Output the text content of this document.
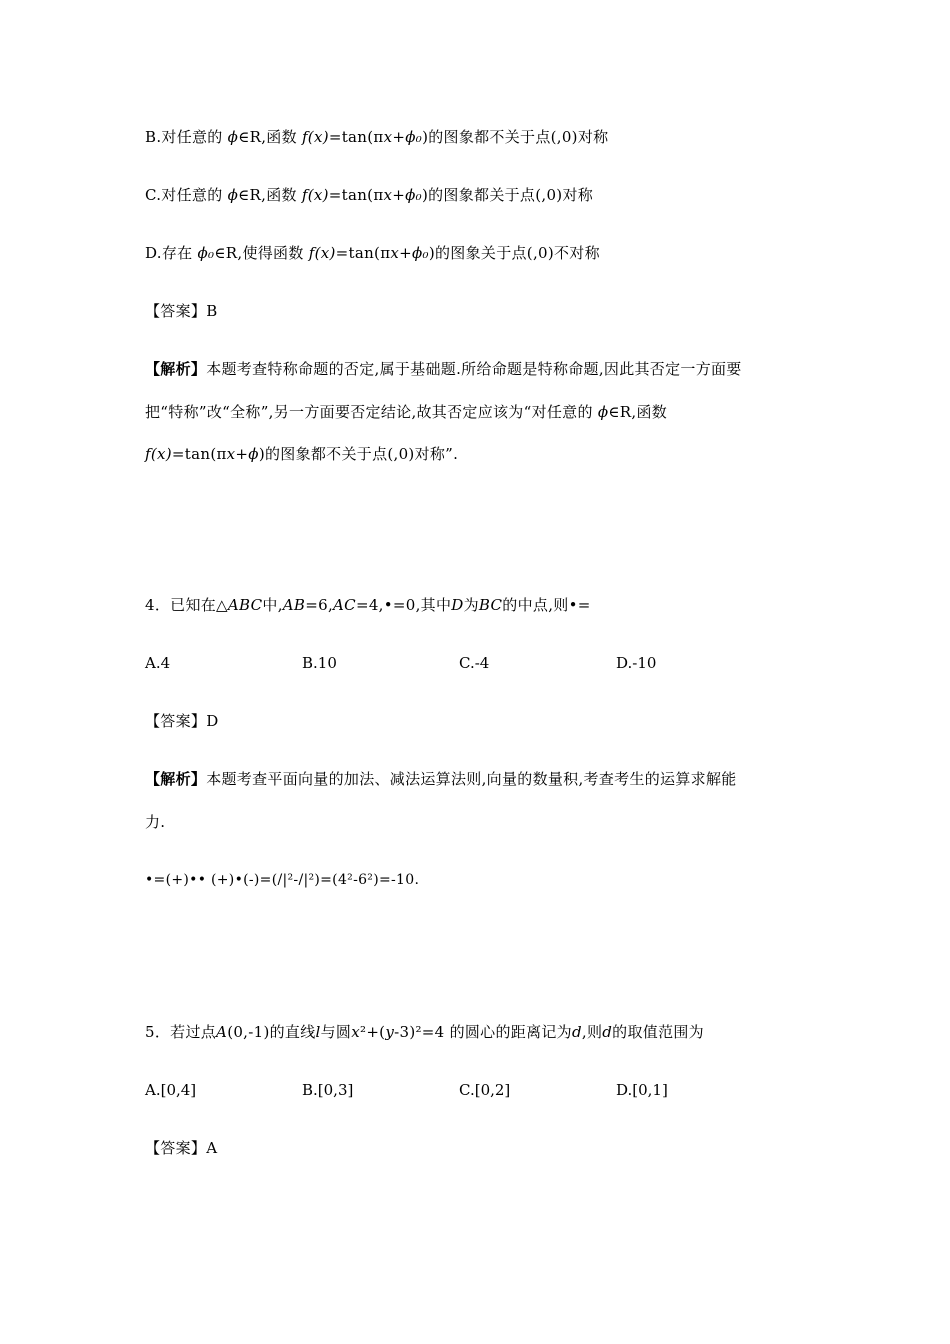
B.对任意的 ϕ∈R,函数 f(x)=tan(πx+ϕ₀)的图象都不关于点(,0)对称
C.对任意的 ϕ∈R,函数 f(x)=tan(πx+ϕ₀)的图象都关于点(,0)对称
D.存在 ϕ₀∈R,使得函数 f(x)=tan(πx+ϕ₀)的图象关于点(,0)不对称
【答案】B
【解析】本题考查特称命题的否定,属于基础题.所给命题是特称命题,因此其否定一方面要
把“特称”改“全称”,另一方面要否定结论,故其否定应该为“对任意的 ϕ∈R,函数
f(x)=tan(πx+ϕ)的图象都不关于点(,0)对称”.
4．已知在△ABC中,AB=6,AC=4,•=0,其中D为BC的中点,则•=
A.4	B.10	C.-4	D.-10
【答案】D
【解析】本题考查平面向量的加法、减法运算法则,向量的数量积,考查考生的运算求解能
力.
•=(+)•• (+)•(-)=(/|²-/|²)=(4²-6²)=-10.
5．若过点A(0,-1)的直线l与圆x²+(y-3)²=4 的圆心的距离记为d,则d的取值范围为
A.[0,4]	B.[0,3]	C.[0,2]	D.[0,1]
【答案】A
